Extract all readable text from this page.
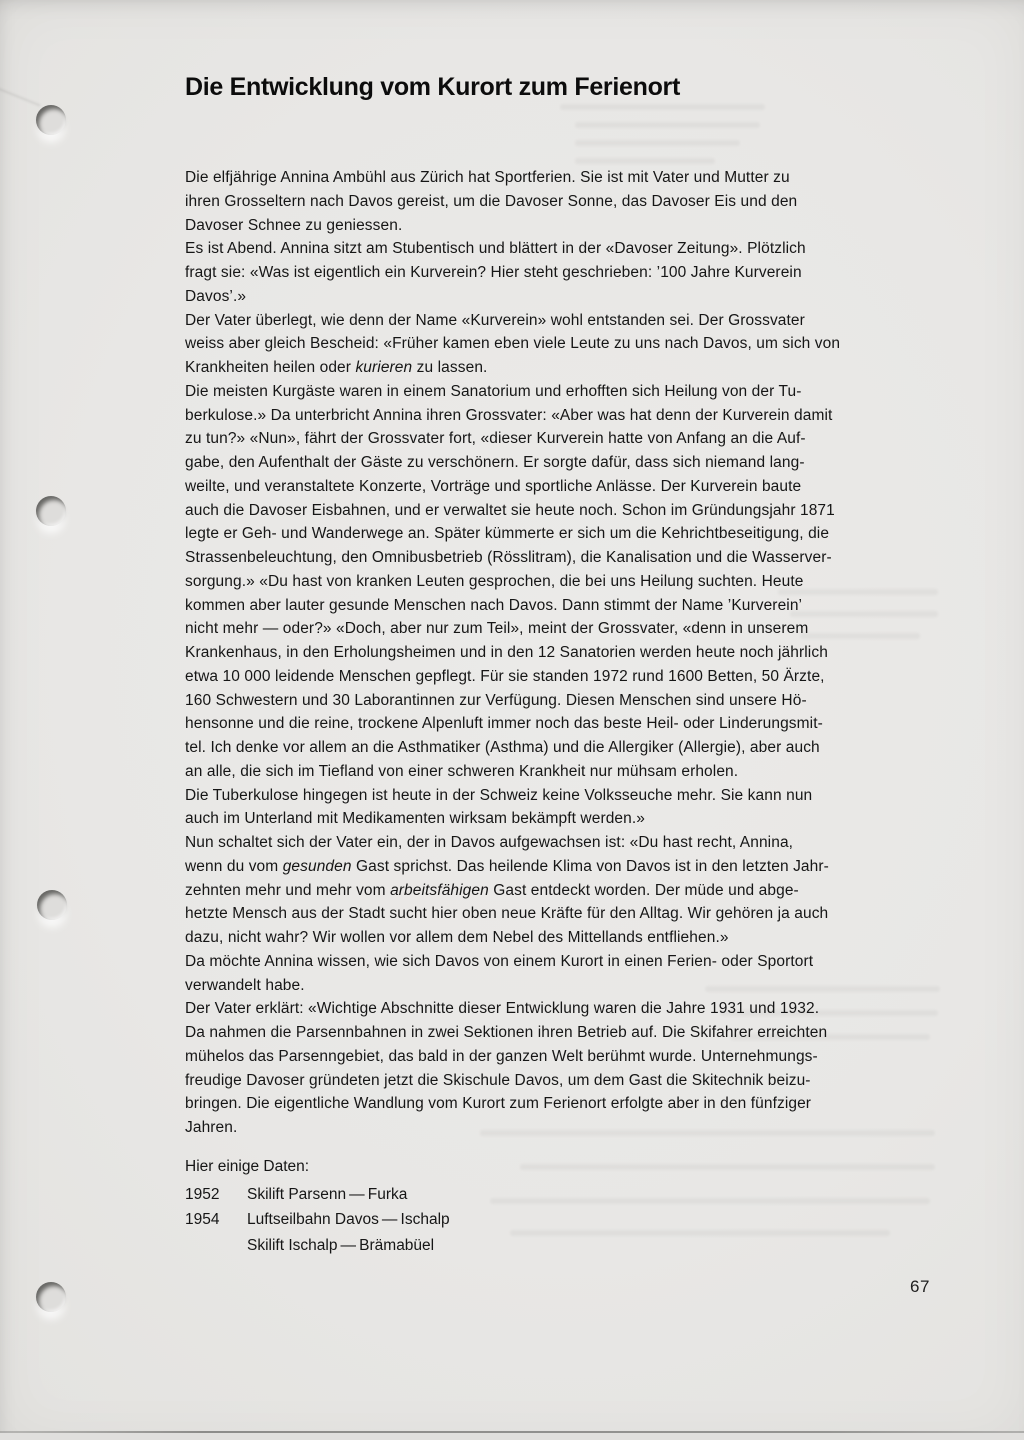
Die Entwicklung vom Kurort zum Ferienort
Die elfjährige Annina Ambühl aus Zürich hat Sportferien. Sie ist mit Vater und Mutter zu
ihren Grosseltern nach Davos gereist, um die Davoser Sonne, das Davoser Eis und den
Davoser Schnee zu geniessen.
Es ist Abend. Annina sitzt am Stubentisch und blättert in der «Davoser Zeitung». Plötzlich
fragt sie: «Was ist eigentlich ein Kurverein? Hier steht geschrieben: ’100 Jahre Kurverein
Davos’.»
Der Vater überlegt, wie denn der Name «Kurverein» wohl entstanden sei. Der Grossvater
weiss aber gleich Bescheid: «Früher kamen eben viele Leute zu uns nach Davos, um sich von
Krankheiten heilen oder kurieren zu lassen.
Die meisten Kurgäste waren in einem Sanatorium und erhofften sich Heilung von der Tu-
berkulose.» Da unterbricht Annina ihren Grossvater: «Aber was hat denn der Kurverein damit
zu tun?» «Nun», fährt der Grossvater fort, «dieser Kurverein hatte von Anfang an die Auf-
gabe, den Aufenthalt der Gäste zu verschönern. Er sorgte dafür, dass sich niemand lang-
weilte, und veranstaltete Konzerte, Vorträge und sportliche Anlässe. Der Kurverein baute
auch die Davoser Eisbahnen, und er verwaltet sie heute noch. Schon im Gründungsjahr 1871
legte er Geh- und Wanderwege an. Später kümmerte er sich um die Kehrichtbeseitigung, die
Strassenbeleuchtung, den Omnibusbetrieb (Rösslitram), die Kanalisation und die Wasserver-
sorgung.» «Du hast von kranken Leuten gesprochen, die bei uns Heilung suchten. Heute
kommen aber lauter gesunde Menschen nach Davos. Dann stimmt der Name ’Kurverein’
nicht mehr — oder?» «Doch, aber nur zum Teil», meint der Grossvater, «denn in unserem
Krankenhaus, in den Erholungsheimen und in den 12 Sanatorien werden heute noch jährlich
etwa 10 000 leidende Menschen gepflegt. Für sie standen 1972 rund 1600 Betten, 50 Ärzte,
160 Schwestern und 30 Laborantinnen zur Verfügung. Diesen Menschen sind unsere Hö-
hensonne und die reine, trockene Alpenluft immer noch das beste Heil- oder Linderungsmit-
tel. Ich denke vor allem an die Asthmatiker (Asthma) und die Allergiker (Allergie), aber auch
an alle, die sich im Tiefland von einer schweren Krankheit nur mühsam erholen.
Die Tuberkulose hingegen ist heute in der Schweiz keine Volksseuche mehr. Sie kann nun
auch im Unterland mit Medikamenten wirksam bekämpft werden.»
Nun schaltet sich der Vater ein, der in Davos aufgewachsen ist: «Du hast recht, Annina,
wenn du vom gesunden Gast sprichst. Das heilende Klima von Davos ist in den letzten Jahr-
zehnten mehr und mehr vom arbeitsfähigen Gast entdeckt worden. Der müde und abge-
hetzte Mensch aus der Stadt sucht hier oben neue Kräfte für den Alltag. Wir gehören ja auch
dazu, nicht wahr? Wir wollen vor allem dem Nebel des Mittellands entfliehen.»
Da möchte Annina wissen, wie sich Davos von einem Kurort in einen Ferien- oder Sportort
verwandelt habe.
Der Vater erklärt: «Wichtige Abschnitte dieser Entwicklung waren die Jahre 1931 und 1932.
Da nahmen die Parsennbahnen in zwei Sektionen ihren Betrieb auf. Die Skifahrer erreichten
mühelos das Parsenngebiet, das bald in der ganzen Welt berühmt wurde. Unternehmungs-
freudige Davoser gründeten jetzt die Skischule Davos, um dem Gast die Skitechnik beizu-
bringen. Die eigentliche Wandlung vom Kurort zum Ferienort erfolgte aber in den fünfziger
Jahren.
Hier einige Daten:
1952 Skilift Parsenn — Furka
1954 Luftseilbahn Davos — Ischalp
Skilift Ischalp — Brämabüel
67
